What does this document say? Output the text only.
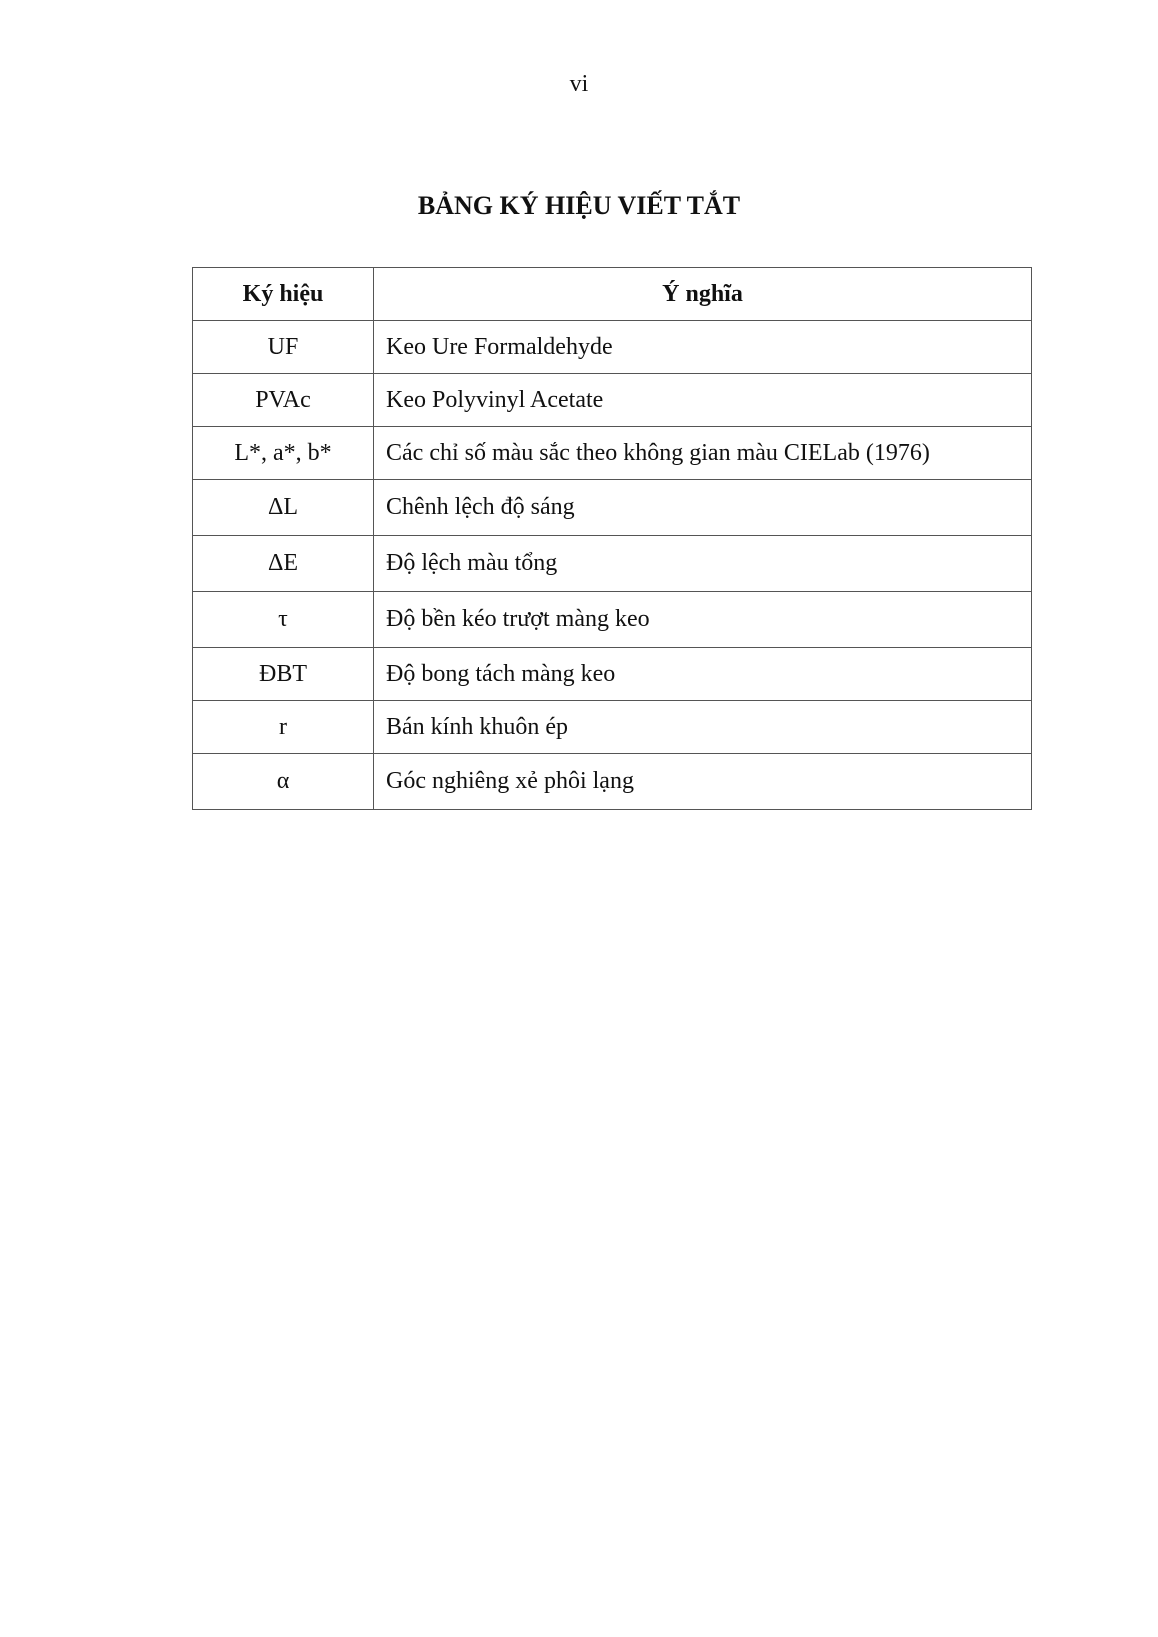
vi
BẢNG KÝ HIỆU VIẾT TẮT
Ký hiệu	Ý nghĩa
UF	Keo Ure Formaldehyde
PVAc	Keo Polyvinyl Acetate
L*, a*, b*	Các chỉ số màu sắc theo không gian màu CIELab (1976)
ΔL	Chênh lệch độ sáng
ΔE	Độ lệch màu tổng
τ	Độ bền kéo trượt màng keo
ĐBT	Độ bong tách màng keo
r	Bán kính khuôn ép
α	Góc nghiêng xẻ phôi lạng
